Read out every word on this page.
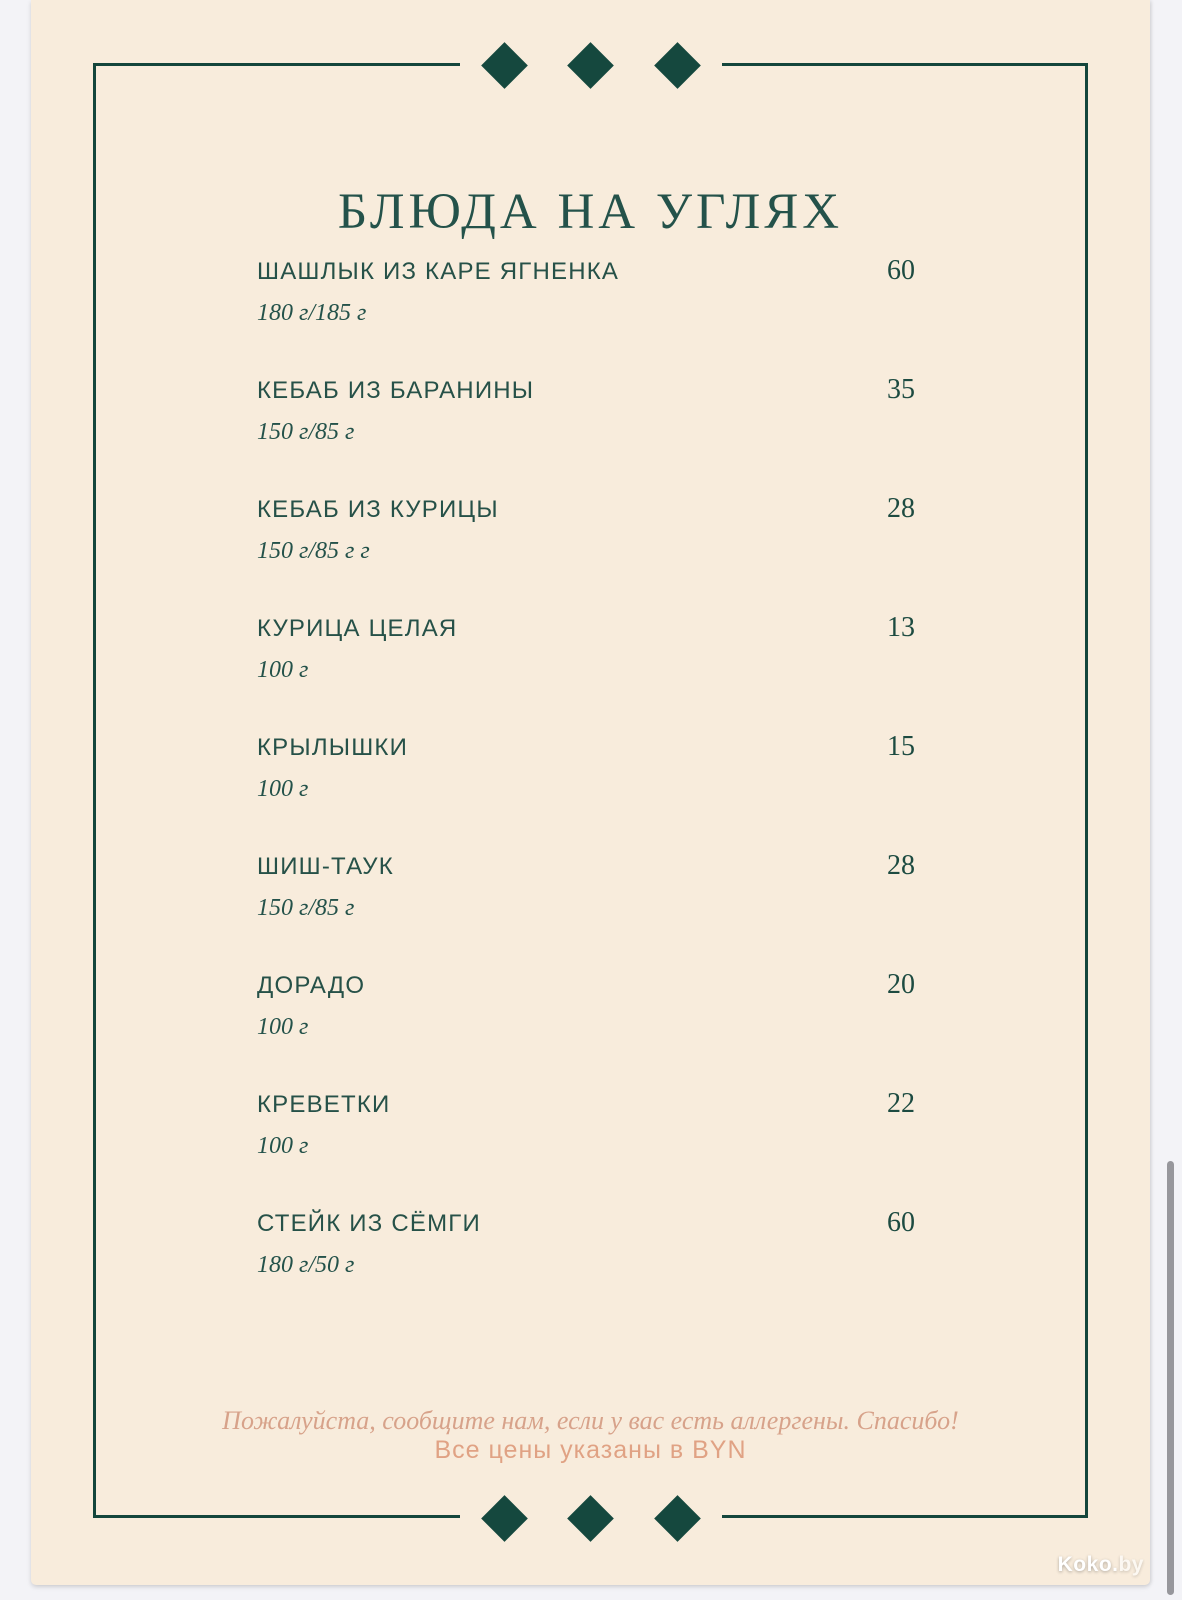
БЛЮДА НА УГЛЯХ
ШАШЛЫК ИЗ КАРЕ ЯГНЕНКА	60
180 г/185 г
КЕБАБ ИЗ БАРАНИНЫ	35
150 г/85 г
КЕБАБ ИЗ КУРИЦЫ	28
150 г/85 г г
КУРИЦА ЦЕЛАЯ	13
100 г
КРЫЛЫШКИ	15
100 г
ШИШ-ТАУК	28
150 г/85 г
ДОРАДО	20
100 г
КРЕВЕТКИ	22
100 г
СТЕЙК ИЗ СЁМГИ	60
180 г/50 г
Пожалуйста, сообщите нам, если у вас есть аллергены. Спасибо!
Все цены указаны в BYN
Koko.by
